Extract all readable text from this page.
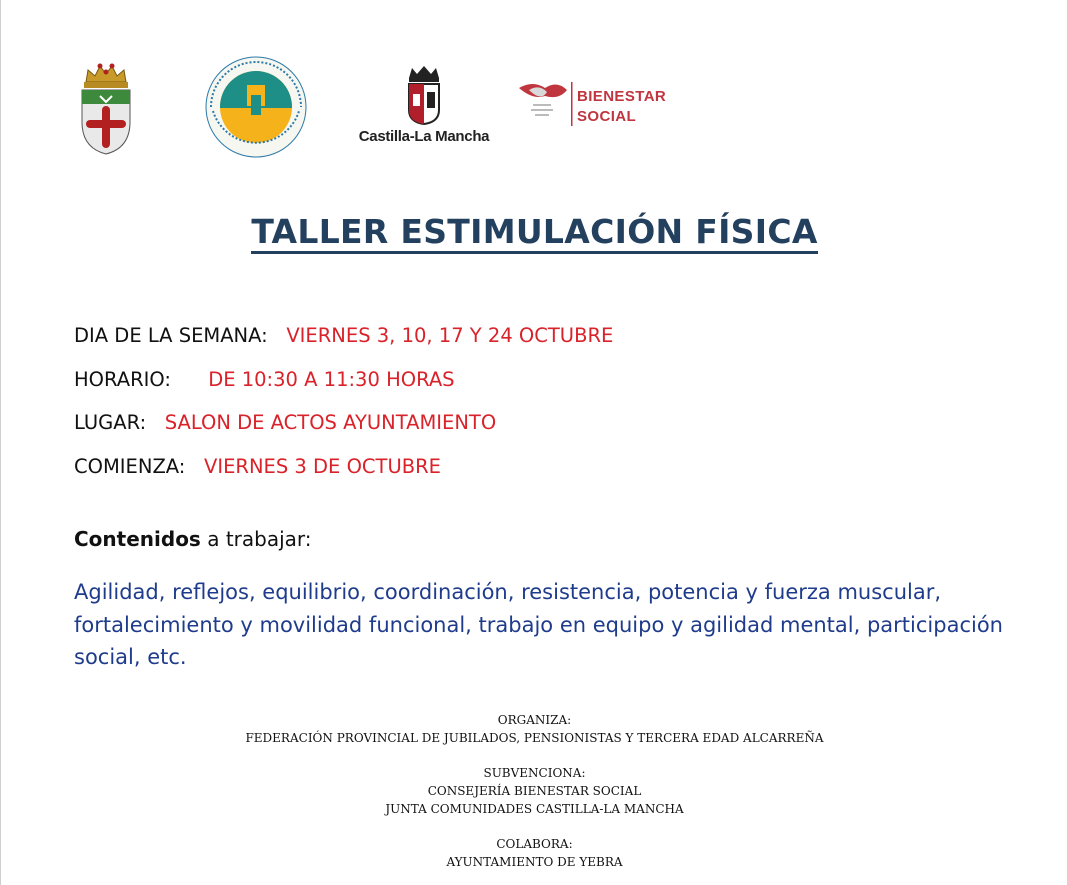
Castilla-La Mancha
BIENESTAR
SOCIAL
TALLER ESTIMULACIÓN FÍSICA
DIA DE LA SEMANA: VIERNES 3, 10, 17 Y 24 OCTUBRE
HORARIO: DE 10:30 A 11:30 HORAS
LUGAR: SALON DE ACTOS AYUNTAMIENTO
COMIENZA: VIERNES 3 DE OCTUBRE
Contenidos a trabajar:
Agilidad, reflejos, equilibrio, coordinación, resistencia, potencia y fuerza muscular, fortalecimiento y movilidad funcional, trabajo en equipo y agilidad mental, participación social, etc.
ORGANIZA:
FEDERACIÓN PROVINCIAL DE JUBILADOS, PENSIONISTAS Y TERCERA EDAD ALCARREÑA
SUBVENCIONA:
CONSEJERÍA BIENESTAR SOCIAL
JUNTA COMUNIDADES CASTILLA-LA MANCHA
COLABORA:
AYUNTAMIENTO DE YEBRA
